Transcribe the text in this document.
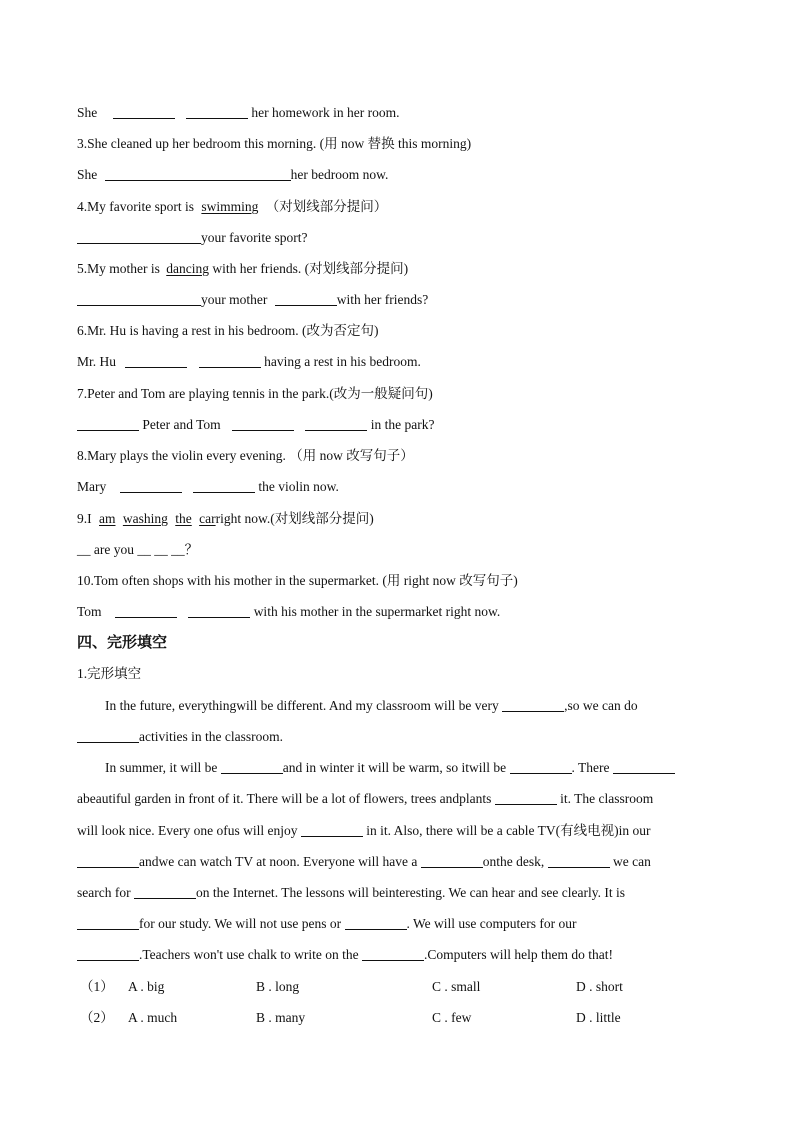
She	her homework in her room.
3.She cleaned up her bedroom this morning. (用 now 替换 this morning)
She	her bedroom now.
4.My favorite sport is swimming （对划线部分提问）
your favorite sport?
5.My mother is dancing with her friends. (对划线部分提问)
your mother	with her friends?
6.Mr. Hu is having a rest in his bedroom. (改为否定句)
Mr. Hu	having a rest in his bedroom.
7.Peter and Tom are playing tennis in the park.(改为一般疑问句)
Peter and Tom	in the park?
8.Mary plays the violin every evening. （用 now 改写句子）
Mary	the violin now.
9.I am washing the carright now.(对划线部分提问)
__ are you __ __ __？
10.Tom often shops with his mother in the supermarket. (用 right now 改写句子)
Tom	with his mother in the supermarket right now.
四、完形填空
1.完形填空
In the future, everythingwill be different. And my classroom will be very	,so we can do
activities in the classroom.
In summer, it will be	and in winter it will be warm, so itwill be	. There
abeautiful garden in front of it. There will be a lot of flowers, trees andplants	it. The classroom
will look nice. Every one ofus will enjoy	in it. Also, there will be a cable TV(有线电视)in our
andwe can watch TV at noon. Everyone will have a	onthe desk,	we can
search for	on the Internet. The lessons will beinteresting. We can hear and see clearly. It is
for our study. We will not use pens or	. We will use computers for our
.Teachers won't use chalk to write on the	.Computers will help them do that!
（1） A . big	B . long	C . small	D . short
（2） A . much	B . many	C . few	D . little
